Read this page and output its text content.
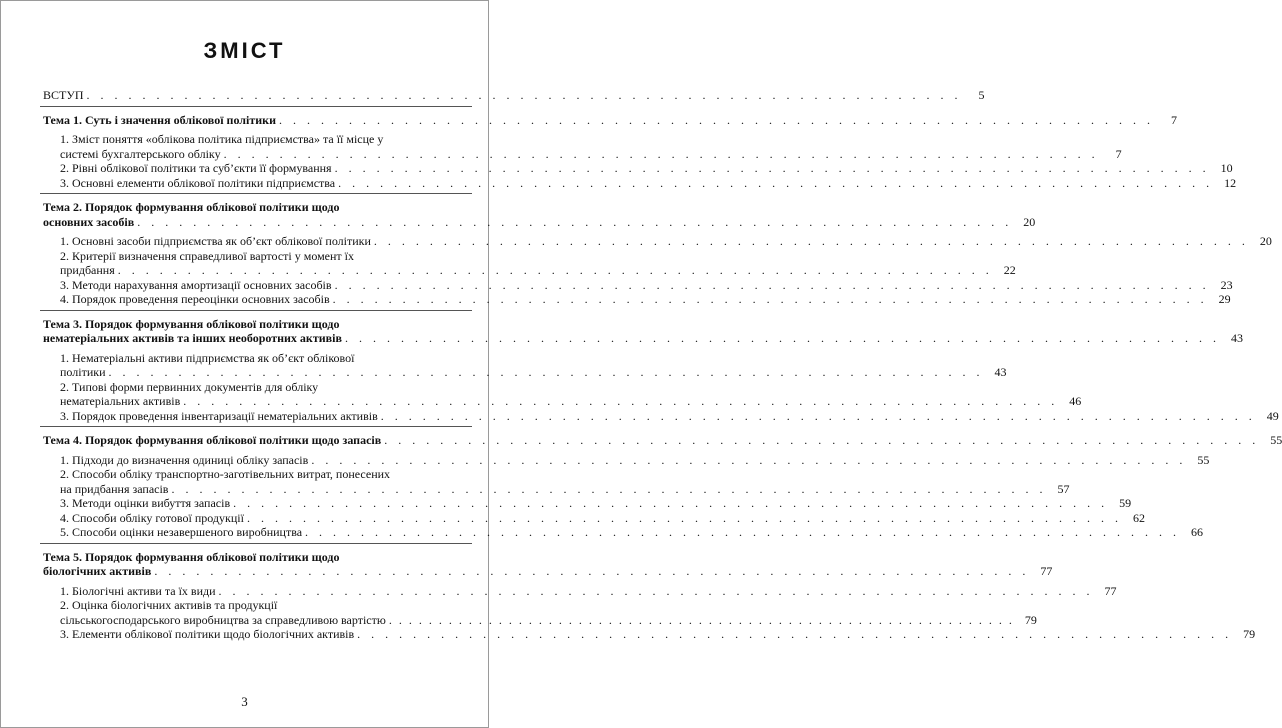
ЗМІСТ
ВСТУП . . . . . . . . . . . . . . . . . . . . . . . . . . . . . . . . . . . . . . . . . . . . . . . . . . . . . . . . . . . . . . .	5
Тема 1. Суть і значення облікової політики . . . . . . . . . . . . . . . . . . . . . . . . . . . . . . . . . . . . . . . . . . . . . . . . . . . . . . . . . . . . . . .	7
1. Зміст поняття «облікова політика підприємства» та її місце у
системі бухгалтерського обліку . . . . . . . . . . . . . . . . . . . . . . . . . . . . . . . . . . . . . . . . . . . . . . . . . . . . . . . . . . . . . . .	7
2. Рівні облікової політики та суб’єкти її формування . . . . . . . . . . . . . . . . . . . . . . . . . . . . . . . . . . . . . . . . . . . . . . . . . . . . . . . . . . . . . . . 10
3. Основні елементи облікової політики підприємства . . . . . . . . . . . . . . . . . . . . . . . . . . . . . . . . . . . . . . . . . . . . . . . . . . . . . . . . . . . . . . . 12
Тема 2. Порядок формування облікової політики щодо
основних засобів . . . . . . . . . . . . . . . . . . . . . . . . . . . . . . . . . . . . . . . . . . . . . . . . . . . . . . . . . . . . . . . 20
1. Основні засоби підприємства як об’єкт облікової політики . . . . . . . . . . . . . . . . . . . . . . . . . . . . . . . . . . . . . . . . . . . . . . . . . . . . . . . . . . . . . . . 20
2. Критерії визначення справедливої вартості у момент їх
придбання . . . . . . . . . . . . . . . . . . . . . . . . . . . . . . . . . . . . . . . . . . . . . . . . . . . . . . . . . . . . . . . 22
3. Методи нарахування амортизації основних засобів . . . . . . . . . . . . . . . . . . . . . . . . . . . . . . . . . . . . . . . . . . . . . . . . . . . . . . . . . . . . . . . 23
4. Порядок проведення переоцінки основних засобів . . . . . . . . . . . . . . . . . . . . . . . . . . . . . . . . . . . . . . . . . . . . . . . . . . . . . . . . . . . . . . . 29
Тема 3. Порядок формування облікової політики щодо
нематеріальних активів та інших необоротних активів . . . . . . . . . . . . . . . . . . . . . . . . . . . . . . . . . . . . . . . . . . . . . . . . . . . . . . . . . . . . . . . 43
1. Нематеріальні активи підприємства як об’єкт облікової
політики . . . . . . . . . . . . . . . . . . . . . . . . . . . . . . . . . . . . . . . . . . . . . . . . . . . . . . . . . . . . . . . 43
2. Типові форми первинних документів для обліку
нематеріальних активів . . . . . . . . . . . . . . . . . . . . . . . . . . . . . . . . . . . . . . . . . . . . . . . . . . . . . . . . . . . . . . . 46
3. Порядок проведення інвентаризації нематеріальних активів . . . . . . . . . . . . . . . . . . . . . . . . . . . . . . . . . . . . . . . . . . . . . . . . . . . . . . . . . . . . . . . 49
Тема 4. Порядок формування облікової політики щодо запасів . . . . . . . . . . . . . . . . . . . . . . . . . . . . . . . . . . . . . . . . . . . . . . . . . . . . . . . . . . . . . . . 55
1. Підходи до визначення одиниці обліку запасів . . . . . . . . . . . . . . . . . . . . . . . . . . . . . . . . . . . . . . . . . . . . . . . . . . . . . . . . . . . . . . . 55
2. Способи обліку транспортно-заготівельних витрат, понесених
на придбання запасів . . . . . . . . . . . . . . . . . . . . . . . . . . . . . . . . . . . . . . . . . . . . . . . . . . . . . . . . . . . . . . . 57
3. Методи оцінки вибуття запасів . . . . . . . . . . . . . . . . . . . . . . . . . . . . . . . . . . . . . . . . . . . . . . . . . . . . . . . . . . . . . . . 59
4. Способи обліку готової продукції . . . . . . . . . . . . . . . . . . . . . . . . . . . . . . . . . . . . . . . . . . . . . . . . . . . . . . . . . . . . . . . 62
5. Способи оцінки незавершеного виробництва . . . . . . . . . . . . . . . . . . . . . . . . . . . . . . . . . . . . . . . . . . . . . . . . . . . . . . . . . . . . . . . 66
Тема 5. Порядок формування облікової політики щодо
біологічних активів . . . . . . . . . . . . . . . . . . . . . . . . . . . . . . . . . . . . . . . . . . . . . . . . . . . . . . . . . . . . . . . 77
1. Біологічні активи та їх види . . . . . . . . . . . . . . . . . . . . . . . . . . . . . . . . . . . . . . . . . . . . . . . . . . . . . . . . . . . . . . . 77
2. Оцінка біологічних активів та продукції
сільськогосподарського виробництва за справедливою вартістю . . . . . . . . . . . . . . . . . . . . . . . . . . . . . . . . . . . . . . . . . . . . . . . . . . . . . . . . . . . . . . . 79
3. Елементи облікової політики щодо біологічних активів . . . . . . . . . . . . . . . . . . . . . . . . . . . . . . . . . . . . . . . . . . . . . . . . . . . . . . . . . . . . . . . 79
3
